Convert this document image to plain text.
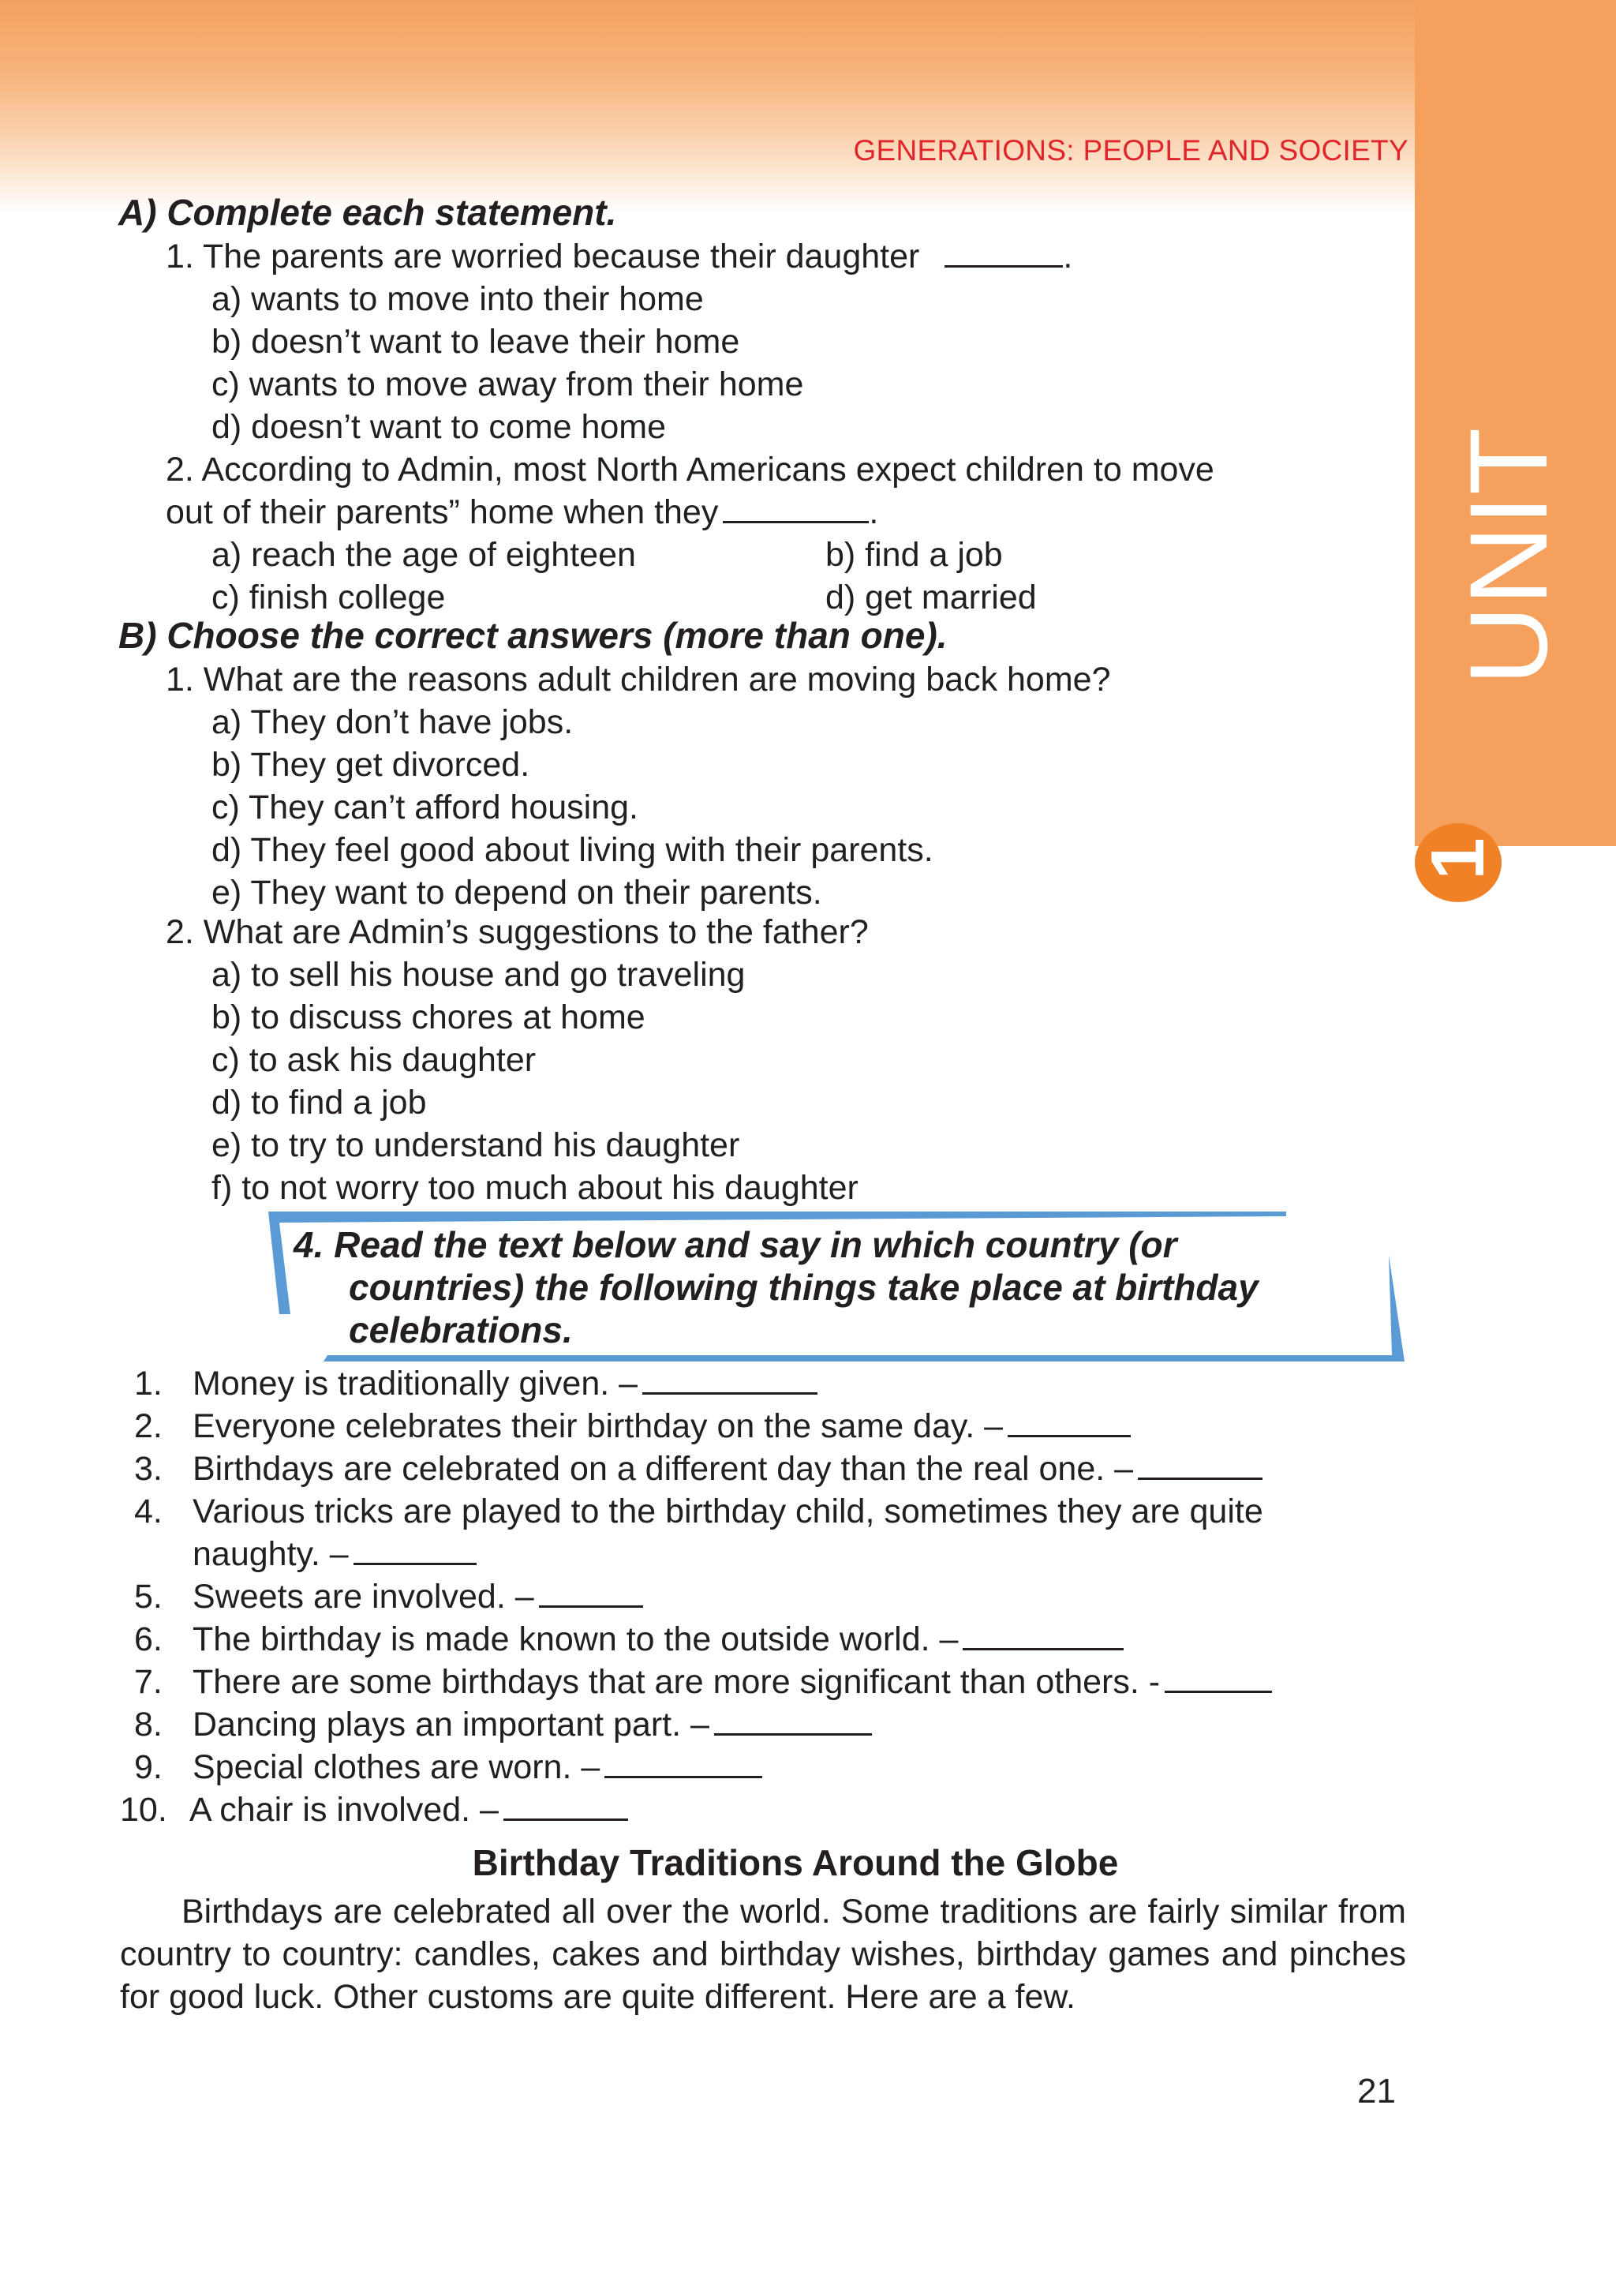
GENERATIONS: PEOPLE AND SOCIETY
UNIT
1
A) Complete each statement.
1. The parents are worried because their daughter	.
a) wants to move into their home
b) doesn’t want to leave their home
c) wants to move away from their home
d) doesn’t want to come home
2. According to Admin, most North Americans expect children to move
out of their parents” home when they	.
a) reach the age of eighteen	b) find a job
c) finish college	d) get married
B) Choose the correct answers (more than one).
1. What are the reasons adult children are moving back home?
a) They don’t have jobs.
b) They get divorced.
c) They can’t afford housing.
d) They feel good about living with their parents.
e) They want to depend on their parents.
2. What are Admin’s suggestions to the father?
a) to sell his house and go traveling
b) to discuss chores at home
c) to ask his daughter
d) to find a job
e) to try to understand his daughter
f) to not worry too much about his daughter
4. Read the text below and say in which country (or
countries) the following things take place at birthday
celebrations.
1. Money is traditionally given. –
2. Everyone celebrates their birthday on the same day. –
3. Birthdays are celebrated on a different day than the real one. –
4. Various tricks are played to the birthday child, sometimes they are quite
naughty. –
5. Sweets are involved. –
6. The birthday is made known to the outside world. –
7. There are some birthdays that are more significant than others. -
8. Dancing plays an important part. –
9. Special clothes are worn. –
10. A chair is involved. –
Birthday Traditions Around the Globe
Birthdays are celebrated all over the world. Some traditions are fairly similar from country to country: candles, cakes and birthday wishes, birthday games and pinches for good luck. Other customs are quite different. Here are a few.
21
